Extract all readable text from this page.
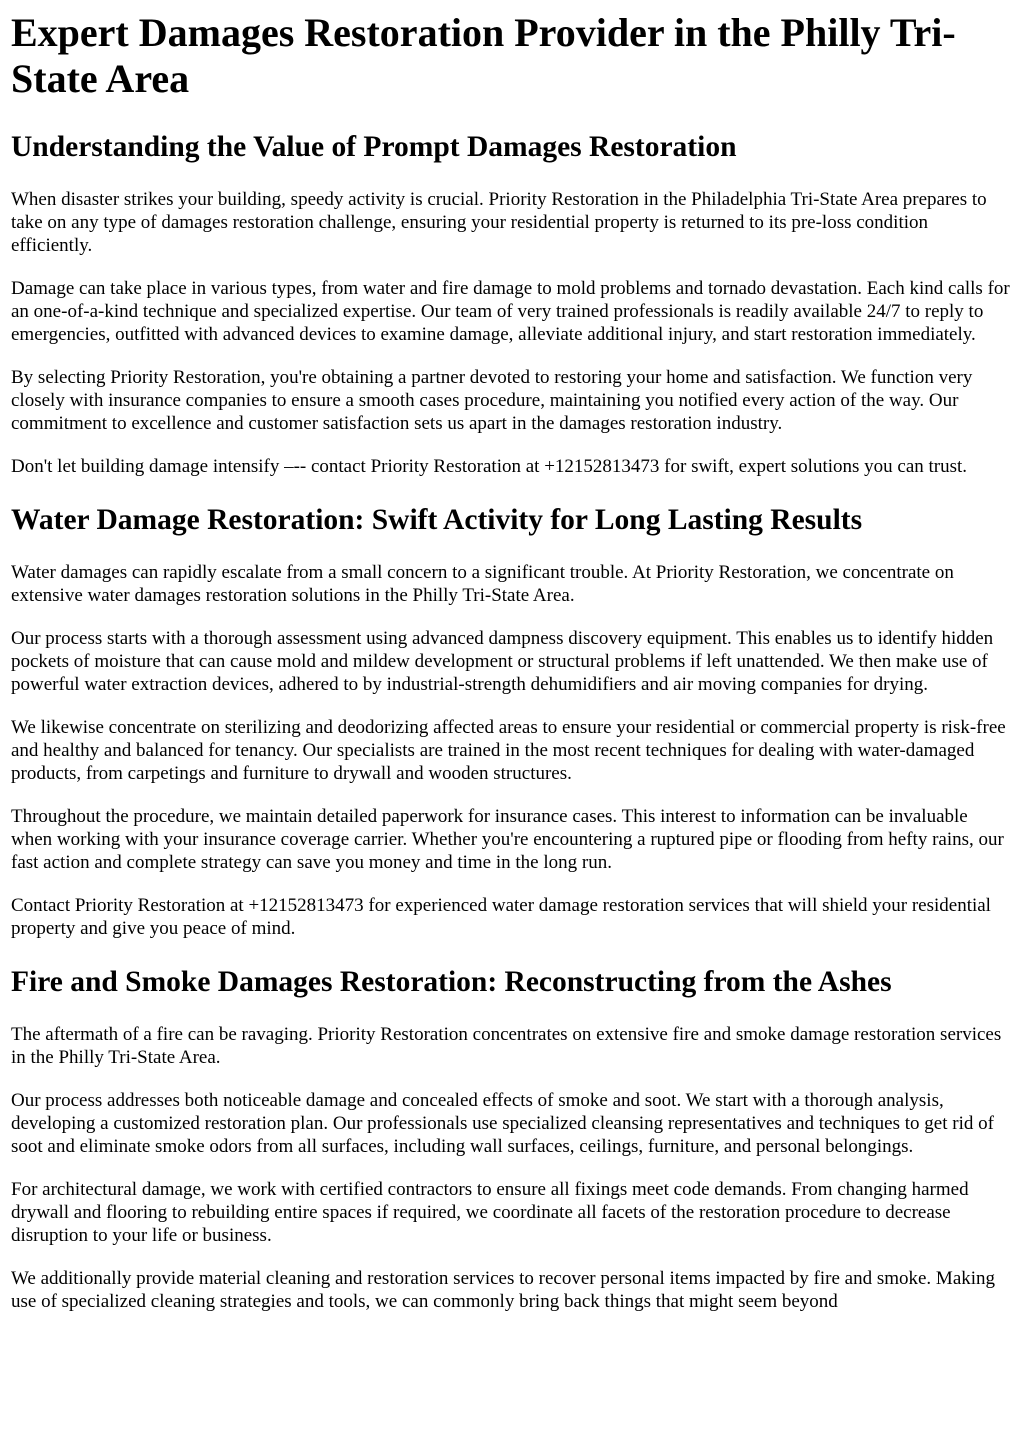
Expert Damages Restoration Provider in the Philly Tri-State Area
Understanding the Value of Prompt Damages Restoration

When disaster strikes your building, speedy activity is crucial. Priority Restoration in the Philadelphia Tri-State Area prepares to take on any type of damages restoration challenge, ensuring your residential property is returned to its pre-loss condition efficiently.

Damage can take place in various types, from water and fire damage to mold problems and tornado devastation. Each kind calls for an one-of-a-kind technique and specialized expertise. Our team of very trained professionals is readily available 24/7 to reply to emergencies, outfitted with advanced devices to examine damage, alleviate additional injury, and start restoration immediately.

By selecting Priority Restoration, you're obtaining a partner devoted to restoring your home and satisfaction. We function very closely with insurance companies to ensure a smooth cases procedure, maintaining you notified every action of the way. Our commitment to excellence and customer satisfaction sets us apart in the damages restoration industry.

Don't let building damage intensify –-- contact Priority Restoration at +12152813473 for swift, expert solutions you can trust.

Water Damage Restoration: Swift Activity for Long Lasting Results

Water damages can rapidly escalate from a small concern to a significant trouble. At Priority Restoration, we concentrate on extensive water damages restoration solutions in the Philly Tri-State Area.

Our process starts with a thorough assessment using advanced dampness discovery equipment. This enables us to identify hidden pockets of moisture that can cause mold and mildew development or structural problems if left unattended. We then make use of powerful water extraction devices, adhered to by industrial-strength dehumidifiers and air moving companies for drying.

We likewise concentrate on sterilizing and deodorizing affected areas to ensure your residential or commercial property is risk-free and healthy and balanced for tenancy. Our specialists are trained in the most recent techniques for dealing with water-damaged products, from carpetings and furniture to drywall and wooden structures.

Throughout the procedure, we maintain detailed paperwork for insurance cases. This interest to information can be invaluable when working with your insurance coverage carrier. Whether you're encountering a ruptured pipe or flooding from hefty rains, our fast action and complete strategy can save you money and time in the long run.

Contact Priority Restoration at +12152813473 for experienced water damage restoration services that will shield your residential property and give you peace of mind.

Fire and Smoke Damages Restoration: Reconstructing from the Ashes

The aftermath of a fire can be ravaging. Priority Restoration concentrates on extensive fire and smoke damage restoration services in the Philly Tri-State Area.

Our process addresses both noticeable damage and concealed effects of smoke and soot. We start with a thorough analysis, developing a customized restoration plan. Our professionals use specialized cleansing representatives and techniques to get rid of soot and eliminate smoke odors from all surfaces, including wall surfaces, ceilings, furniture, and personal belongings.

For architectural damage, we work with certified contractors to ensure all fixings meet code demands. From changing harmed drywall and flooring to rebuilding entire spaces if required, we coordinate all facets of the restoration procedure to decrease disruption to your life or business.

We additionally provide material cleaning and restoration services to recover personal items impacted by fire and smoke. Making use of specialized cleaning strategies and tools, we can commonly bring back things that might seem beyond
